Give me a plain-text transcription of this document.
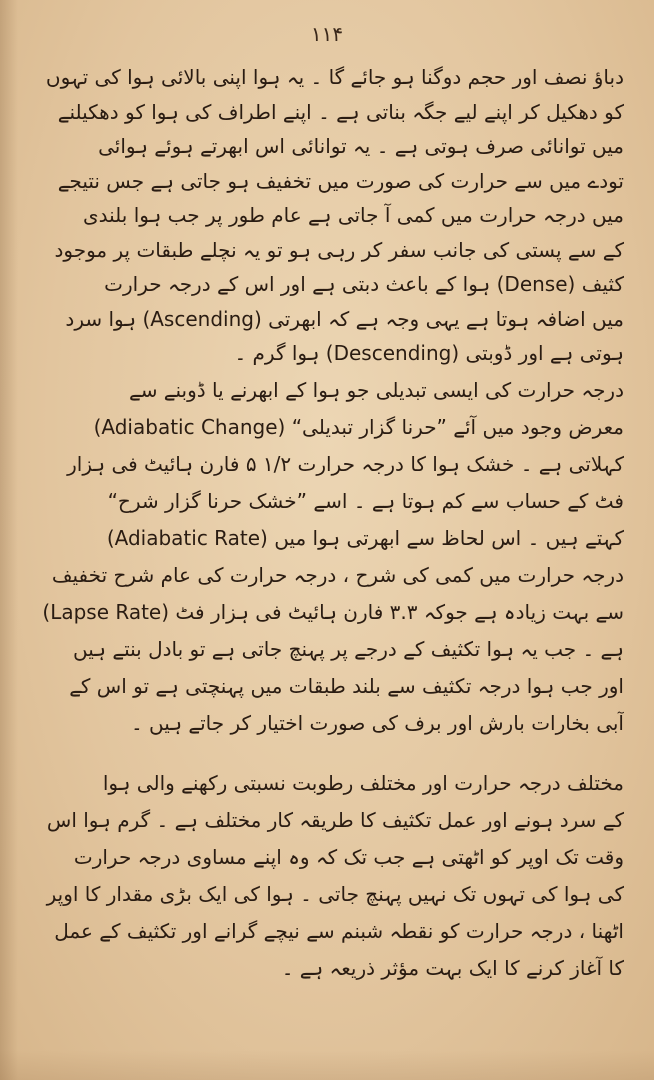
۱۱۴
دباؤ نصف اور حجم دوگنا ہو جائے گا ۔ یہ ہوا اپنی بالائی ہوا کی تہوں
کو دھکیل کر اپنے لیے جگہ بناتی ہے ۔ اپنے اطراف کی ہوا کو دھکیلنے
میں توانائی صرف ہوتی ہے ۔ یہ توانائی اس ابھرتے ہوئے ہوائی
تودے میں سے حرارت کی صورت میں تخفیف ہو جاتی ہے جس نتیجے
میں درجہ حرارت میں کمی آ جاتی ہے عام طور پر جب ہوا بلندی
کے سے پستی کی جانب سفر کر رہی ہو تو یہ نچلے طبقات پر موجود
کثیف (Dense) ہوا کے باعث دبتی ہے اور اس کے درجہ حرارت
میں اضافہ ہوتا ہے یہی وجہ ہے کہ ابھرتی (Ascending) ہوا سرد
ہوتی ہے اور ڈوبتی (Descending) ہوا گرم ۔
درجہ حرارت کی ایسی تبدیلی جو ہوا کے ابھرنے یا ڈوبنے سے
معرض وجود میں آئے ”حرنا گزار تبدیلی“ (Adiabatic Change)
کہلاتی ہے ۔ خشک ہوا کا درجہ حرارت ۱/۲ ۵ فارن ہائیٹ فی ہزار
فٹ کے حساب سے کم ہوتا ہے ۔ اسے ”خشک حرنا گزار شرح“
(Adiabatic Rate) کہتے ہیں ۔ اس لحاظ سے ابھرتی ہوا میں
درجہ حرارت میں کمی کی شرح ، درجہ حرارت کی عام شرح تخفیف
(Lapse Rate) سے بہت زیادہ ہے جوکہ ۳.۳ فارن ہائیٹ فی ہزار فٹ
ہے ۔ جب یہ ہوا تکثیف کے درجے پر پہنچ جاتی ہے تو بادل بنتے ہیں
اور جب ہوا درجہ تکثیف سے بلند طبقات میں پہنچتی ہے تو اس کے
آبی بخارات بارش اور برف کی صورت اختیار کر جاتے ہیں ۔
مختلف درجہ حرارت اور مختلف رطوبت نسبتی رکھنے والی ہوا
کے سرد ہونے اور عمل تکثیف کا طریقہ کار مختلف ہے ۔ گرم ہوا اس
وقت تک اوپر کو اٹھتی ہے جب تک کہ وہ اپنے مساوی درجہ حرارت
کی ہوا کی تہوں تک نہیں پہنچ جاتی ۔ ہوا کی ایک بڑی مقدار کا اوپر
اٹھنا ، درجہ حرارت کو نقطہ شبنم سے نیچے گرانے اور تکثیف کے عمل
کا آغاز کرنے کا ایک بہت مؤثر ذریعہ ہے ۔
